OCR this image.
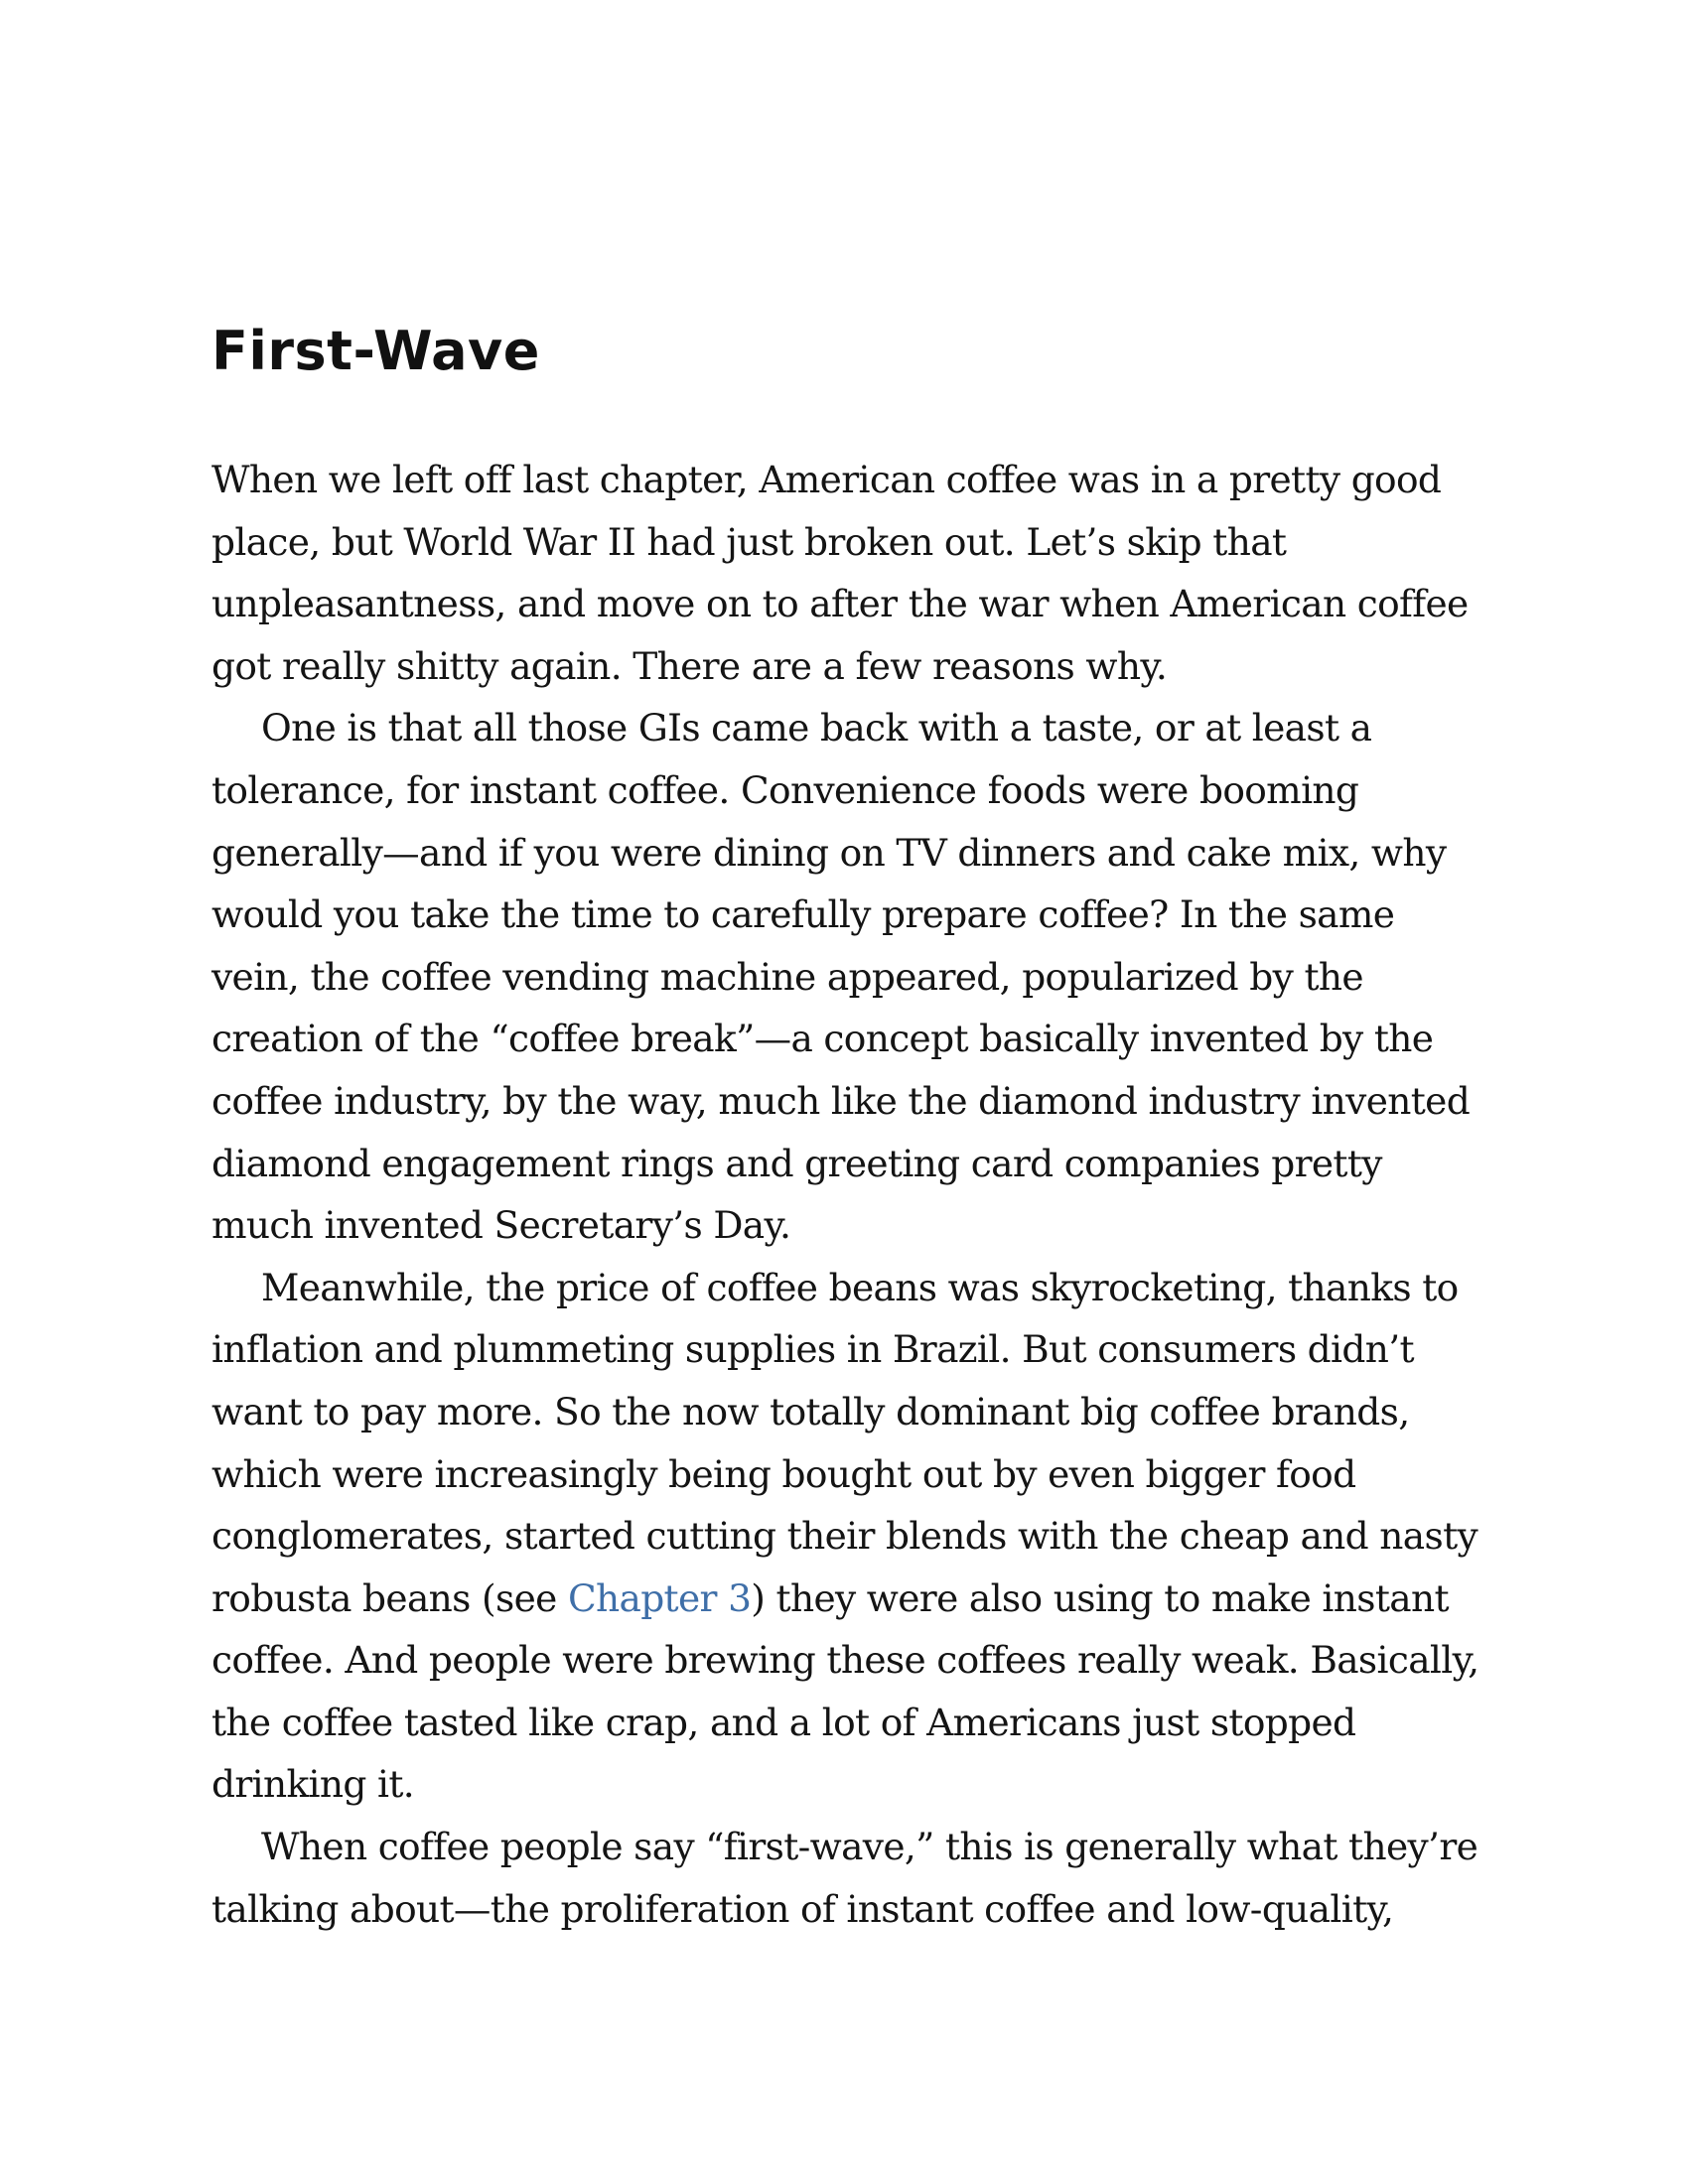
First-Wave
When we left off last chapter, American coffee was in a pretty good
place, but World War II had just broken out. Let’s skip that
unpleasantness, and move on to after the war when American coffee
got really shitty again. There are a few reasons why.
One is that all those GIs came back with a taste, or at least a
tolerance, for instant coffee. Convenience foods were booming
generally—and if you were dining on TV dinners and cake mix, why
would you take the time to carefully prepare coffee? In the same
vein, the coffee vending machine appeared, popularized by the
creation of the “coffee break”—a concept basically invented by the
coffee industry, by the way, much like the diamond industry invented
diamond engagement rings and greeting card companies pretty
much invented Secretary’s Day.
Meanwhile, the price of coffee beans was skyrocketing, thanks to
inflation and plummeting supplies in Brazil. But consumers didn’t
want to pay more. So the now totally dominant big coffee brands,
which were increasingly being bought out by even bigger food
conglomerates, started cutting their blends with the cheap and nasty
robusta beans (see Chapter 3) they were also using to make instant
coffee. And people were brewing these coffees really weak. Basically,
the coffee tasted like crap, and a lot of Americans just stopped
drinking it.
When coffee people say “first-wave,” this is generally what they’re
talking about—the proliferation of instant coffee and low-quality,
